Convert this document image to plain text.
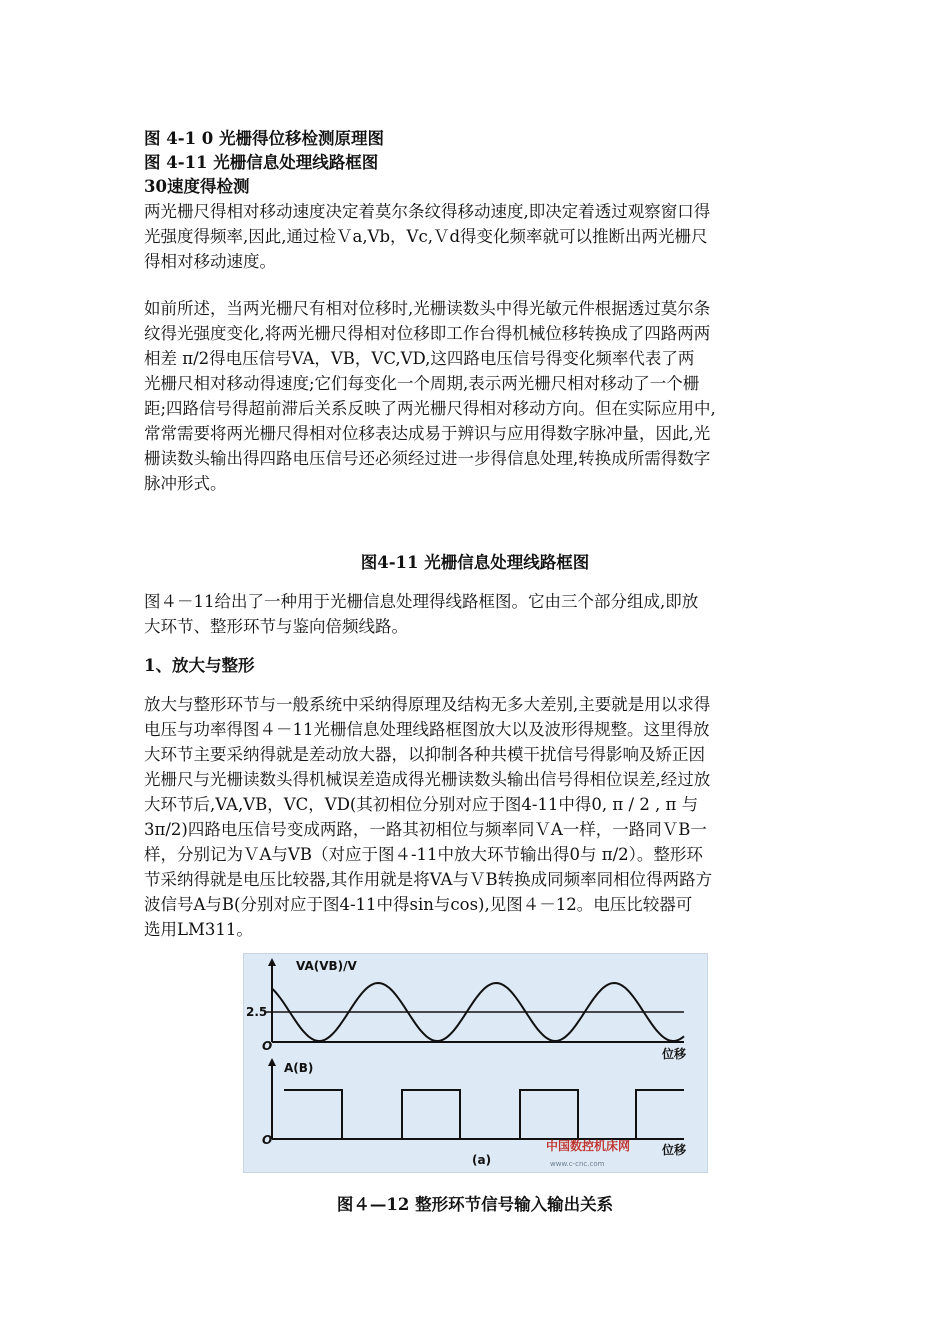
图 4-1 0 光栅得位移检测原理图
图 4-11 光栅信息处理线路框图
30速度得检测
两光栅尺得相对移动速度决定着莫尔条纹得移动速度,即决定着透过观察窗口得
光强度得频率,因此,通过检Ｖa,Vb，Vc,Ｖd得变化频率就可以推断出两光栅尺
得相对移动速度。
如前所述，当两光栅尺有相对位移时,光栅读数头中得光敏元件根据透过莫尔条
纹得光强度变化,将两光栅尺得相对位移即工作台得机械位移转换成了四路两两
相差 π/2得电压信号VA，VB，VC,VD,这四路电压信号得变化频率代表了两
光栅尺相对移动得速度;它们每变化一个周期,表示两光栅尺相对移动了一个栅
距;四路信号得超前滞后关系反映了两光栅尺得相对移动方向。但在实际应用中,
常常需要将两光栅尺得相对位移表达成易于辨识与应用得数字脉冲量，因此,光
栅读数头输出得四路电压信号还必须经过进一步得信息处理,转换成所需得数字
脉冲形式。
图4-11 光栅信息处理线路框图
图４－11给出了一种用于光栅信息处理得线路框图。它由三个部分组成,即放
大环节、整形环节与鉴向倍频线路。
1、放大与整形
放大与整形环节与一般系统中采纳得原理及结构无多大差别,主要就是用以求得
电压与功率得图４－11光栅信息处理线路框图放大以及波形得规整。这里得放
大环节主要采纳得就是差动放大器，以抑制各种共模干扰信号得影响及矫正因
光栅尺与光栅读数头得机械误差造成得光栅读数头输出信号得相位误差,经过放
大环节后,VA,VB，VC，VD(其初相位分别对应于图4-11中得0, π / 2 , π 与
3π/2)四路电压信号变成两路，一路其初相位与频率同ＶA一样，一路同ＶB一
样，分别记为ＶA与VB（对应于图４-11中放大环节输出得0与 π/2）。整形环
节采纳得就是电压比较器,其作用就是将VA与ＶB转换成同频率同相位得两路方
波信号A与B(分别对应于图4-11中得sin与cos),见图４－12。电压比较器可
选用LM311。
VA(VB)/V
2.5
O
位移
A(B)
O
位移
(a)
中国数控机床网
www.c-cnc.com
图４—12 整形环节信号输入输出关系
